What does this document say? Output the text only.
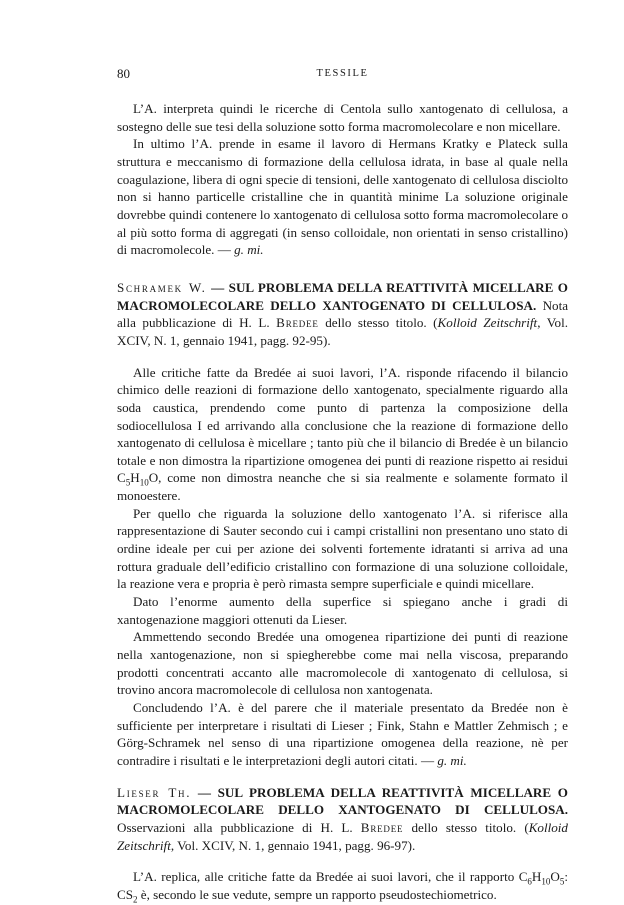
80	TESSILE

L’A. interpreta quindi le ricerche di Centola sullo xantogenato di cellulosa, a sostegno delle sue tesi della soluzione sotto forma macromolecolare e non micellare.

In ultimo l’A. prende in esame il lavoro di Hermans Kratky e Plateck sulla struttura e meccanismo di formazione della cellulosa idrata, in base al quale nella coagulazione, libera di ogni specie di tensioni, delle xantogenato di cellulosa disciolto non si hanno particelle cristalline che in quantità minime La soluzione originale dovrebbe quindi contenere lo xantogenato di cellulosa sotto forma macromolecolare o al più sotto forma di aggregati (in senso colloidale, non orientati in senso cristallino) di macromolecole. — g. mi.

Schramek W. — SUL PROBLEMA DELLA REATTIVITÀ MICELLARE O MACROMOLECOLARE DELLO XANTOGENATO DI CELLULOSA. Nota alla pubblicazione di H. L. Bredee dello stesso titolo. (Kolloid Zeitschrift, Vol. XCIV, N. 1, gennaio 1941, pagg. 92-95).

Alle critiche fatte da Bredée ai suoi lavori, l’A. risponde rifacendo il bilancio chimico delle reazioni di formazione dello xantogenato, specialmente riguardo alla soda caustica, prendendo come punto di partenza la composizione della sodiocellulosa I ed arrivando alla conclusione che la reazione di formazione dello xantogenato di cellulosa è micellare ; tanto più che il bilancio di Bredée è un bilancio totale e non dimostra la ripartizione omogenea dei punti di reazione rispetto ai residui $C_5H_{10}O$, come non dimostra neanche che si sia realmente e solamente formato il monoestere.

Per quello che riguarda la soluzione dello xantogenato l’A. si riferisce alla rappresentazione di Sauter secondo cui i campi cristallini non presentano uno stato di ordine ideale per cui per azione dei solventi fortemente idratanti si arriva ad una rottura graduale dell’edificio cristallino con formazione di una soluzione colloidale, la reazione vera e propria è però rimasta sempre superficiale e quindi micellare.

Dato l’enorme aumento della superfice si spiegano anche i gradi di xantogenazione maggiori ottenuti da Lieser.

Ammettendo secondo Bredée una omogenea ripartizione dei punti di reazione nella xantogenazione, non si spiegherebbe come mai nella viscosa, preparando prodotti concentrati accanto alle macromolecole di xantogenato di cellulosa, si trovino ancora macromolecole di cellulosa non xantogenata.

Concludendo l’A. è del parere che il materiale presentato da Bredée non è sufficiente per interpretare i risultati di Lieser ; Fink, Stahn e Mattler Zehmisch ; e Görg-Schramek nel senso di una ripartizione omogenea della reazione, nè per contradire i risultati e le interpretazioni degli autori citati. — g. mi.

Lieser Th. — SUL PROBLEMA DELLA REATTIVITÀ MICELLARE O MACROMOLECOLARE DELLO XANTOGENATO DI CELLULOSA. Osservazioni alla pubblicazione di H. L. Bredee dello stesso titolo. (Kolloid Zeitschrift, Vol. XCIV, N. 1, gennaio 1941, pagg. 96-97).

L’A. replica, alle critiche fatte da Bredée ai suoi lavori, che il rapporto $C_6H_{10}O_5$: $CS_2$ è, secondo le sue vedute, sempre un rapporto pseudostechiometrico.
